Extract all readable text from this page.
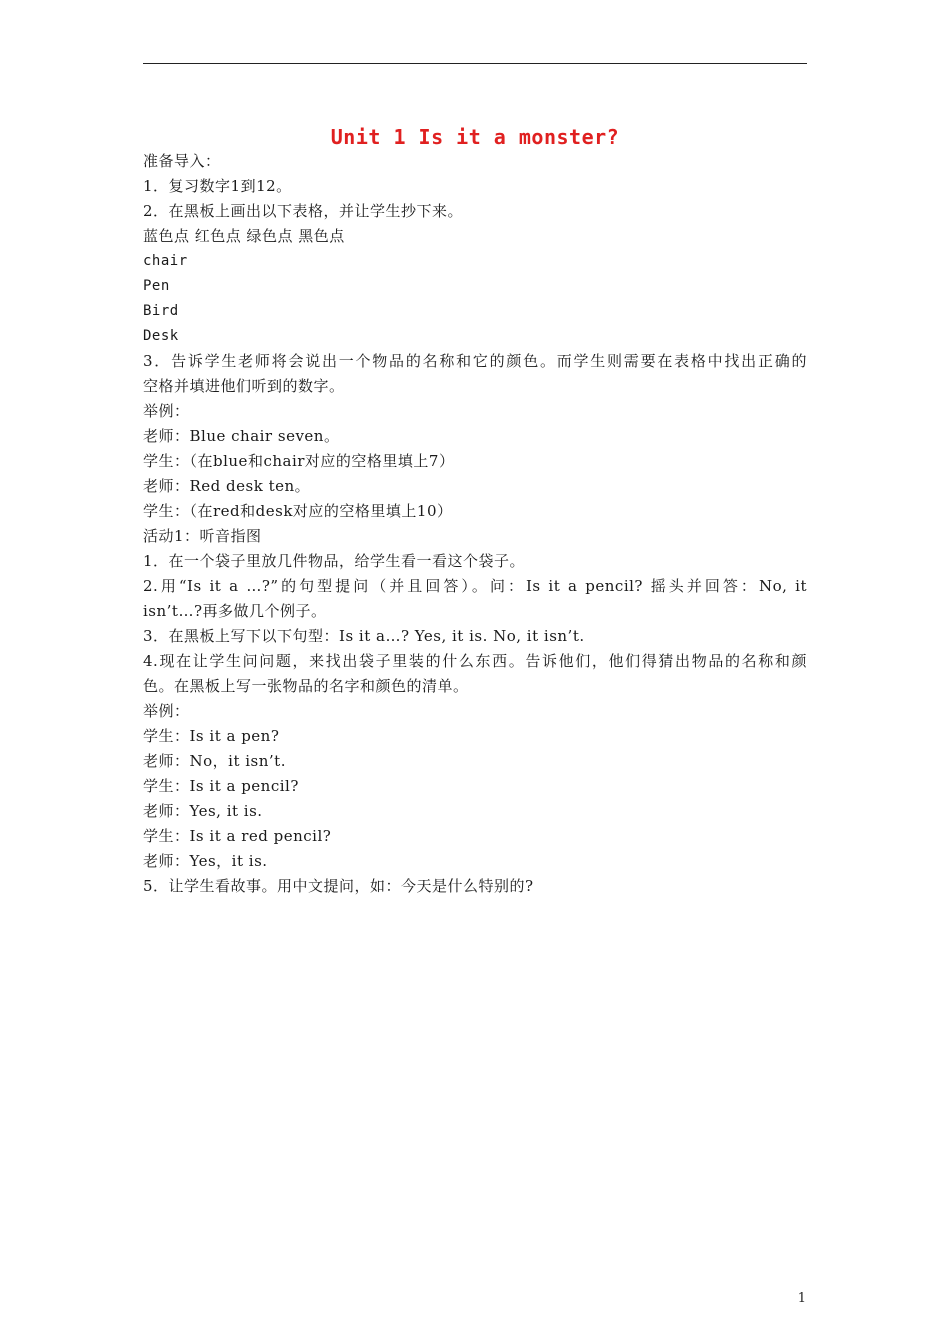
Unit 1 Is it a monster?
准备导入：
1．复习数字1到12。
2．在黑板上画出以下表格，并让学生抄下来。
蓝色点 红色点 绿色点 黑色点
chair
Pen
Bird
Desk
3．告诉学生老师将会说出一个物品的名称和它的颜色。而学生则需要在表格中找出正确的
空格并填进他们听到的数字。
举例：
老师：Blue chair seven。
学生：（在blue和chair对应的空格里填上7）
老师：Red desk ten。
学生：（在red和desk对应的空格里填上10）
活动1：听音指图
1．在一个袋子里放几件物品，给学生看一看这个袋子。
2.用“Is it a …?”的句型提问（并且回答）。问：Is it a pencil? 摇头并回答：No, it
isn’t…?再多做几个例子。
3．在黑板上写下以下句型：Is it a…? Yes, it is. No, it isn’t.
4.现在让学生问问题，来找出袋子里装的什么东西。告诉他们，他们得猜出物品的名称和颜
色。在黑板上写一张物品的名字和颜色的清单。
举例：
学生：Is it a pen?
老师：No，it isn’t.
学生：Is it a pencil?
老师：Yes, it is.
学生：Is it a red pencil?
老师：Yes，it is.
5．让学生看故事。用中文提问，如：今天是什么特别的?
1
